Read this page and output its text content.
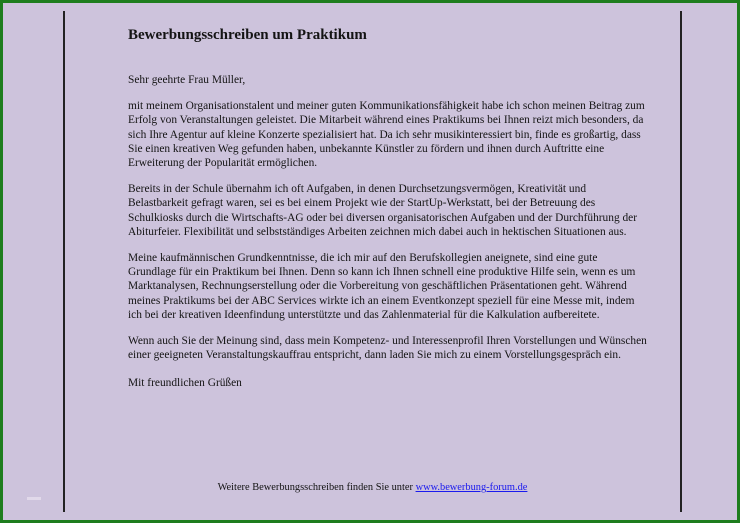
Bewerbungsschreiben um Praktikum
Sehr geehrte Frau Müller,

mit meinem Organisationstalent und meiner guten Kommunikationsfähigkeit habe ich schon meinen Beitrag zum Erfolg von Veranstaltungen geleistet. Die Mitarbeit während eines Praktikums bei Ihnen reizt mich besonders, da sich Ihre Agentur auf kleine Konzerte spezialisiert hat. Da ich sehr musikinteressiert bin, finde es großartig, dass Sie einen kreativen Weg gefunden haben, unbekannte Künstler zu fördern und ihnen durch Auftritte eine Erweiterung der Popularität ermöglichen.

Bereits in der Schule übernahm ich oft Aufgaben, in denen Durchsetzungsvermögen, Kreativität und Belastbarkeit gefragt waren, sei es bei einem Projekt wie der StartUp-Werkstatt, bei der Betreuung des Schulkiosks durch die Wirtschafts-AG oder bei diversen organisatorischen Aufgaben und der Durchführung der Abiturfeier. Flexibilität und selbstständiges Arbeiten zeichnen mich dabei auch in hektischen Situationen aus.

Meine kaufmännischen Grundkenntnisse, die ich mir auf den Berufskollegien aneignete, sind eine gute Grundlage für ein Praktikum bei Ihnen. Denn so kann ich Ihnen schnell eine produktive Hilfe sein, wenn es um Marktanalysen, Rechnungserstellung oder die Vorbereitung von geschäftlichen Präsentationen geht. Während meines Praktikums bei der ABC Services wirkte ich an einem Eventkonzept speziell für eine Messe mit, indem ich bei der kreativen Ideenfindung unterstützte und das Zahlenmaterial für die Kalkulation aufbereitete.

Wenn auch Sie der Meinung sind, dass mein Kompetenz- und Interessenprofil Ihren Vorstellungen und Wünschen einer geeigneten Veranstaltungskauffrau entspricht, dann laden Sie mich zu einem Vorstellungsgespräch ein.

Mit freundlichen Grüßen
Weitere Bewerbungsschreiben finden Sie unter www.bewerbung-forum.de
